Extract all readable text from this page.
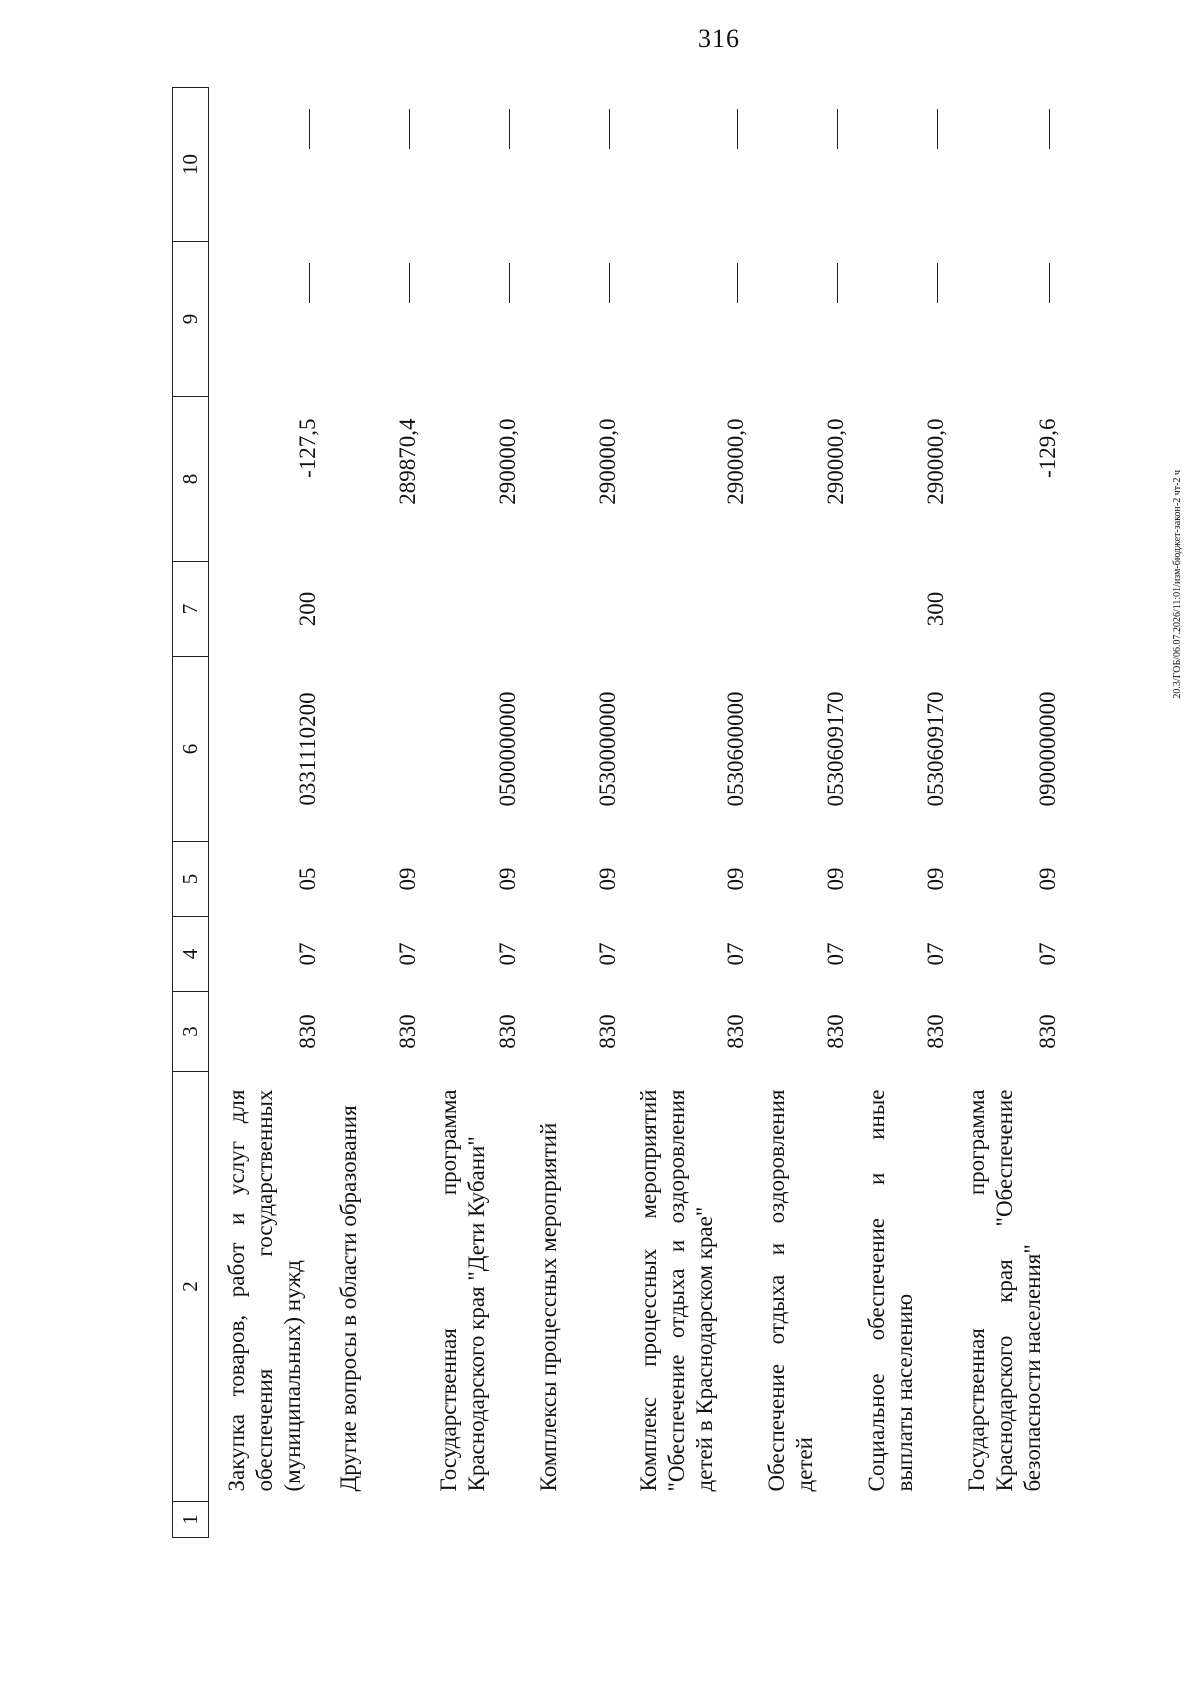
316
20.3/ГОБ/06.07.2026/11:01/изм-бюджет-закон-2 чт-2 ч
1	2	3	4	5	6	7	8	9	10
	Закупка товаров, работ и услуг для обеспечения государственных (муниципальных) нужд	830	07	05	0331110200	200	-127,5		
	Другие вопросы в области образования	830	07	09			289870,4		
	Государственная программа Краснодарского края "Дети Кубани"	830	07	09	0500000000		290000,0		
	Комплексы процессных мероприятий	830	07	09	0530000000		290000,0		
	Комплекс процессных мероприятий "Обеспечение отдыха и оздоровления детей в Краснодарском крае"	830	07	09	0530600000		290000,0		
	Обеспечение отдыха и оздоровления детей	830	07	09	0530609170		290000,0		
	Социальное обеспечение и иные выплаты населению	830	07	09	0530609170	300	290000,0		
	Государственная программа Краснодарского края "Обеспечение безопасности населения"	830	07	09	0900000000		-129,6		
